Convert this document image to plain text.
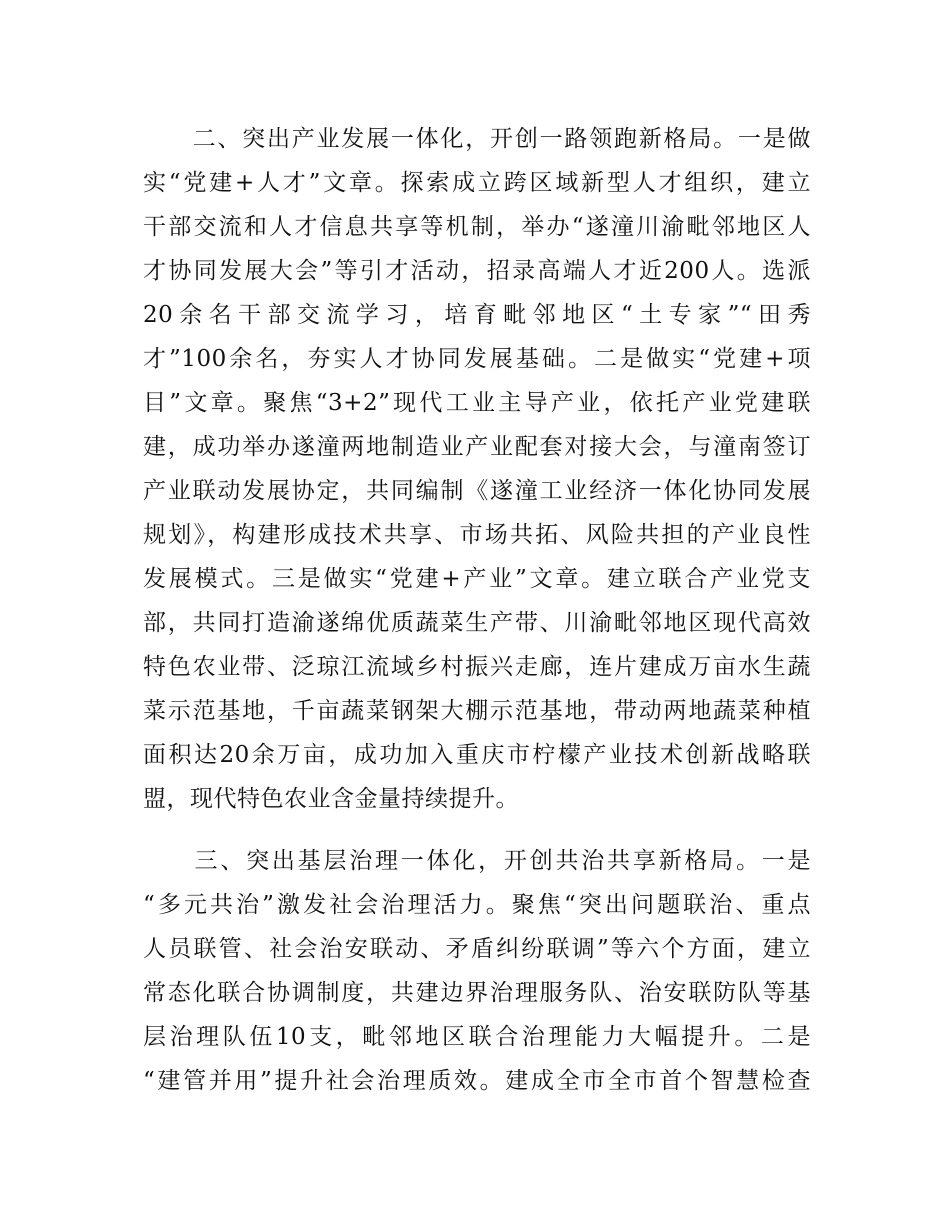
　　二、突出产业发展一体化，开创一路领跑新格局。一是做
实“党建+人才”文章。探索成立跨区域新型人才组织，建立
干部交流和人才信息共享等机制，举办“遂潼川渝毗邻地区人
才协同发展大会”等引才活动，招录高端人才近200人。选派
20余名干部交流学习，培育毗邻地区“土专家”“田秀
才”100余名，夯实人才协同发展基础。二是做实“党建+项
目”文章。聚焦“3+2”现代工业主导产业，依托产业党建联
建，成功举办遂潼两地制造业产业配套对接大会，与潼南签订
产业联动发展协定，共同编制《遂潼工业经济一体化协同发展
规划》，构建形成技术共享、市场共拓、风险共担的产业良性
发展模式。三是做实“党建+产业”文章。建立联合产业党支
部，共同打造渝遂绵优质蔬菜生产带、川渝毗邻地区现代高效
特色农业带、泛琼江流域乡村振兴走廊，连片建成万亩水生蔬
菜示范基地，千亩蔬菜钢架大棚示范基地，带动两地蔬菜种植
面积达20余万亩，成功加入重庆市柠檬产业技术创新战略联
盟，现代特色农业含金量持续提升。
　　三、突出基层治理一体化，开创共治共享新格局。一是
“多元共治”激发社会治理活力。聚焦“突出问题联治、重点
人员联管、社会治安联动、矛盾纠纷联调”等六个方面，建立
常态化联合协调制度，共建边界治理服务队、治安联防队等基
层治理队伍10支，毗邻地区联合治理能力大幅提升。二是
“建管并用”提升社会治理质效。建成全市全市首个智慧检查
